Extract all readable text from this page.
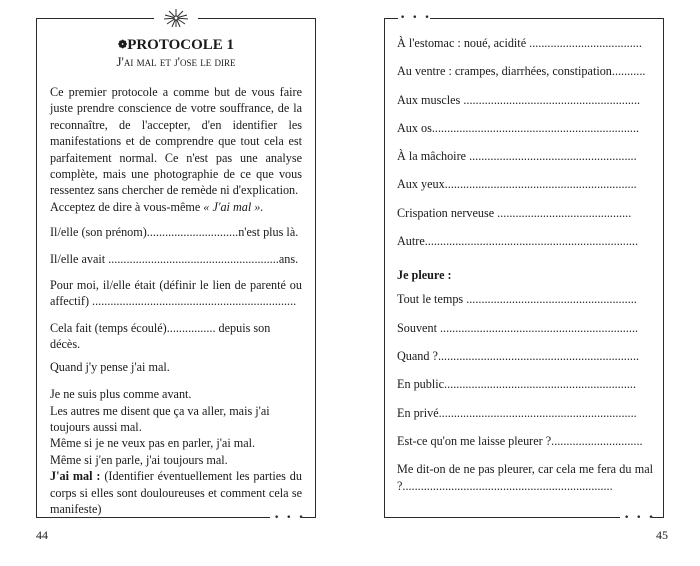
• • •
❁PROTOCOLE 1
J'ai mal et j'ose le dire
Ce premier protocole a comme but de vous faire juste prendre conscience de votre souffrance, de la reconnaître, de l'accepter, d'en identifier les manifestations et de comprendre que tout cela est parfaitement normal. Ce n'est pas une analyse complète, mais une photographie de ce que vous ressentez sans chercher de remède ni d'explication.
Acceptez de dire à vous-même « J'ai mal ».
Il/elle (son prénom)..............................n'est plus là.
Il/elle avait ........................................................ans.
Pour moi, il/elle était (définir le lien de parenté ou affectif) ...................................................................
Cela fait (temps écoulé)................ depuis son décès.
Quand j'y pense j'ai mal.
Je ne suis plus comme avant.
Les autres me disent que ça va aller, mais j'ai toujours aussi mal.
Même si je ne veux pas en parler, j'ai mal.
Même si j'en parle, j'ai toujours mal.
J'ai mal : (Identifier éventuellement les parties du corps si elles sont douloureuses et comment cela se manifeste)
44
• • •
• • •
À l'estomac : noué, acidité .....................................
Au ventre : crampes, diarrhées, constipation...........
Aux muscles ..........................................................
Aux os....................................................................
À la mâchoire .......................................................
Aux yeux...............................................................
Crispation nerveuse ............................................
Autre......................................................................
Je pleure :
Tout le temps ........................................................
Souvent .................................................................
Quand ?..................................................................
En public...............................................................
En privé.................................................................
Est-ce qu'on me laisse pleurer ?..............................
Me dit-on de ne pas pleurer, car cela me fera du mal ?.....................................................................
45
